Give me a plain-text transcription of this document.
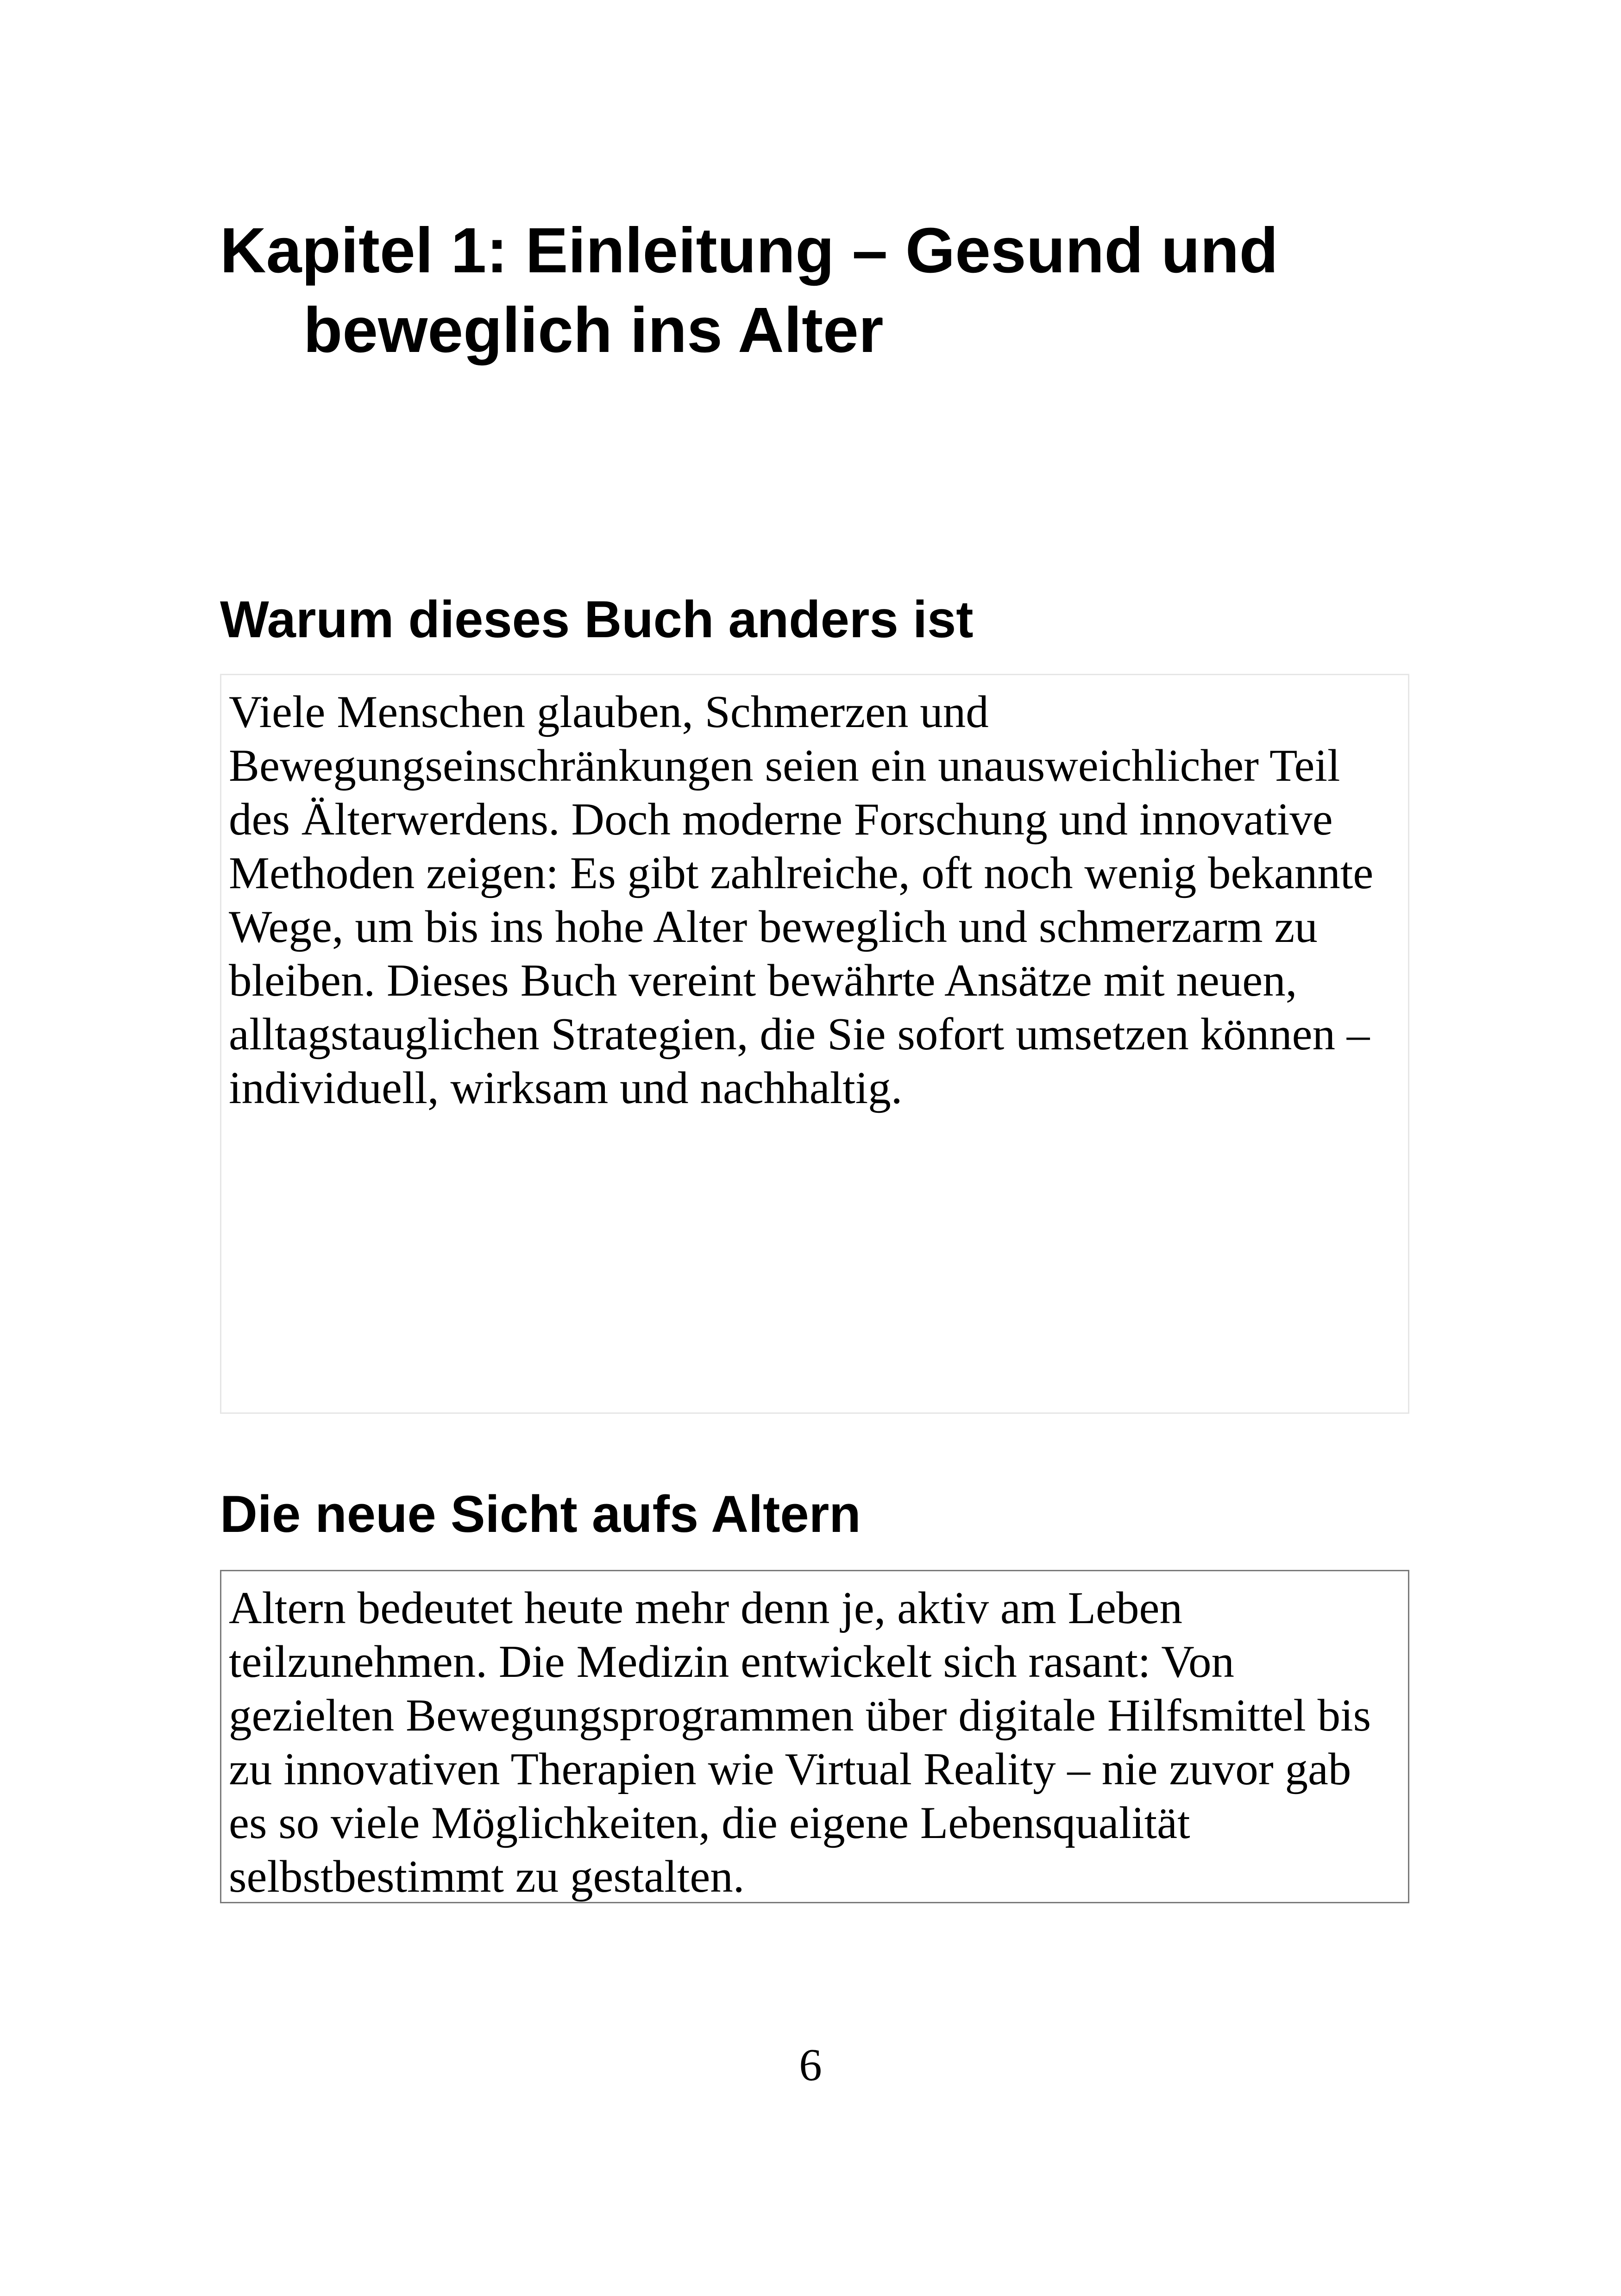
Kapitel 1: Einleitung – Gesund und
beweglich ins Alter
Warum dieses Buch anders ist

Viele Menschen glauben, Schmerzen und Bewegungseinschränkungen seien ein unausweichlicher Teil des Älterwerdens. Doch moderne Forschung und innovative Methoden zeigen: Es gibt zahlreiche, oft noch wenig bekannte Wege, um bis ins hohe Alter beweglich und schmerzarm zu bleiben. Dieses Buch vereint bewährte Ansätze mit neuen, alltagstauglichen Strategien, die Sie sofort umsetzen können – individuell, wirksam und nachhaltig.

Die neue Sicht aufs Altern

Altern bedeutet heute mehr denn je, aktiv am Leben teilzunehmen. Die Medizin entwickelt sich rasant: Von gezielten Bewegungsprogrammen über digitale Hilfsmittel bis zu innovativen Therapien wie Virtual Reality – nie zuvor gab es so viele Möglichkeiten, die eigene Lebensqualität selbstbestimmt zu gestalten.

6
